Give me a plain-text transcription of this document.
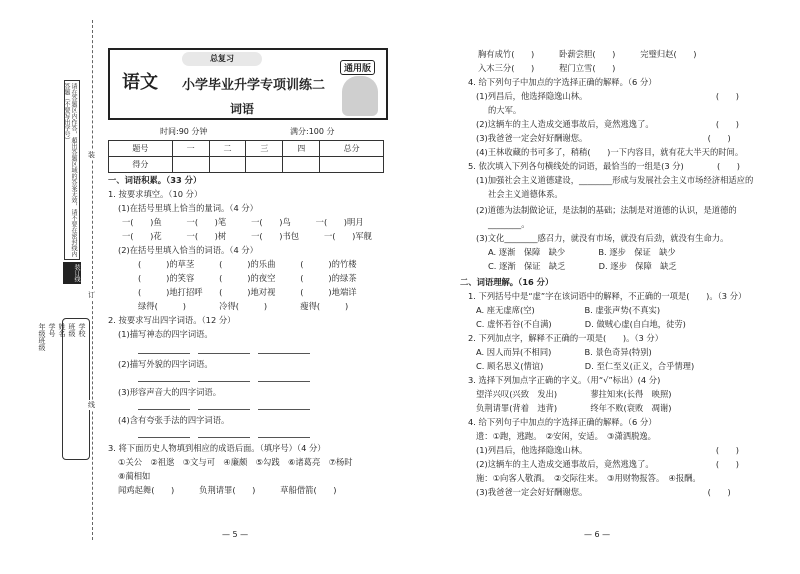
请在答题区内作答，超出答题区域的答案无效，请不要在密封线内答题（不要写出学号）
装订线
学校
班级
姓名
学号
年级班级
装
订
线
语文
总复习
小学毕业升学专项训练二
通用版
词语
时间:90 分钟	满分:100 分
题号	一	二	三	四	总分
得分					
一、词语积累。（33 分）
1. 按要求填空。（10 分）
(1)在括号里填上恰当的量词。（4 分）
一(　　)鱼　　　一(　　)笔　　　一(　　)鸟　　　一(　　)明月
一(　　)花　　　一(　　)树　　　一(　　)书包　　　一(　　)军舰
(2)在括号里填入恰当的词语。（4 分）
(　　　)的草茎　　　(　　　)的乐曲　　　(　　　)的竹楼
(　　　)的笑容　　　(　　　)的夜空　　　(　　　)的绿茶
(　　　)地打招呼　　(　　　)地对视　　　(　　　)地端详
绿得(　　　)　　　　冷得(　　　)　　　　瘦得(　　　)
2. 按要求写出四字词语。（12 分）
(1)描写神态的四字词语。
(2)描写外貌的四字词语。
(3)形容声音大的四字词语。
(4)含有夸张手法的四字词语。
3. 将下面历史人物填到相应的成语后面。（填序号）（4 分）
①关公　②祖逖　③文与可　④廉颇　⑤勾践　⑥诸葛亮　⑦杨时
⑧蔺相如
闻鸡起舞(　　)　　　负荆请罪(　　)　　　草船借箭(　　)
— 5 —
胸有成竹(　　)　　　卧薪尝胆(　　)　　　完璧归赵(　　)
入木三分(　　)　　　程门立雪(　　)
4. 给下列句子中加点的字选择正确的解释。（6 分）
(1)列昌后，他选择隐逸山林。　　　　　　　　　　　　　　　　(　　)
的大军。
(2)这辆车的主人造成交通事故后，竟然逃逸了。　　　　　　　　(　　)
(3)我爸爸一定会好好酬谢您。　　　　　　　　　　　　　　　(　　)
(4)王林收藏的书可多了，稍稍(　　)一下内容目，就有花大半天的时间。
5. 依次填入下列各句横线处的词语，最恰当的一组是(3 分)　　　　(　　)
(1)加强社会主义道德建设，________形成与发展社会主义市场经济相适应的
社会主义道德体系。
(2)道德为法制做论证，是法制的基础；法制是对道德的认识，是道德的
________。
(3)文化________感召力，就没有市场，就没有后劲，就没有生命力。
A. 逐渐　保障　缺少　　　　B. 逐步　保证　缺少
C. 逐渐　保证　缺乏　　　　D. 逐步　保障　缺乏
二、词语理解。（16 分）
1. 下列括号中是“虚”字在该词语中的解释，不正确的一项是(　　)。（3 分）
A. 座无虚席(空)　　　　　　B. 虚张声势(不真实)
C. 虚怀若谷(不自满)　　　　D. 做贼心虚(自白地，徒劳)
2. 下列加点字，解释不正确的一项是(　　)。（3 分）
A. 因人而异(不相同)　　　　B. 景色奇异(特别)
C. 顾名思义(情谊)　　　　　D. 至仁至义(正义，合乎情理)
3. 选择下列加点字正确的字义。（用“√”标出）(4 分)
望洋兴叹(兴致　发出)　　　　蓼拄知来(长得　映照)
负荆请罪(背着　违背)　　　　终年不败(衰败　凋谢)
4. 给下列句子中加点的字选择正确的解释。（6 分）
遗：①跑，逃跑。　②安闲，安适。　③潇洒脱逸。
(1)列昌后，他选择隐逸山林。　　　　　　　　　　　　　　　　(　　)
(2)这辆车的主人造成交通事故后，竟然逃逸了。　　　　　　　　(　　)
施：①向客人敬酒。　②交际往来。　③用财物报答。　④报酬。
(3)我爸爸一定会好好酬谢您。　　　　　　　　　　　　　　　(　　)
— 6 —
